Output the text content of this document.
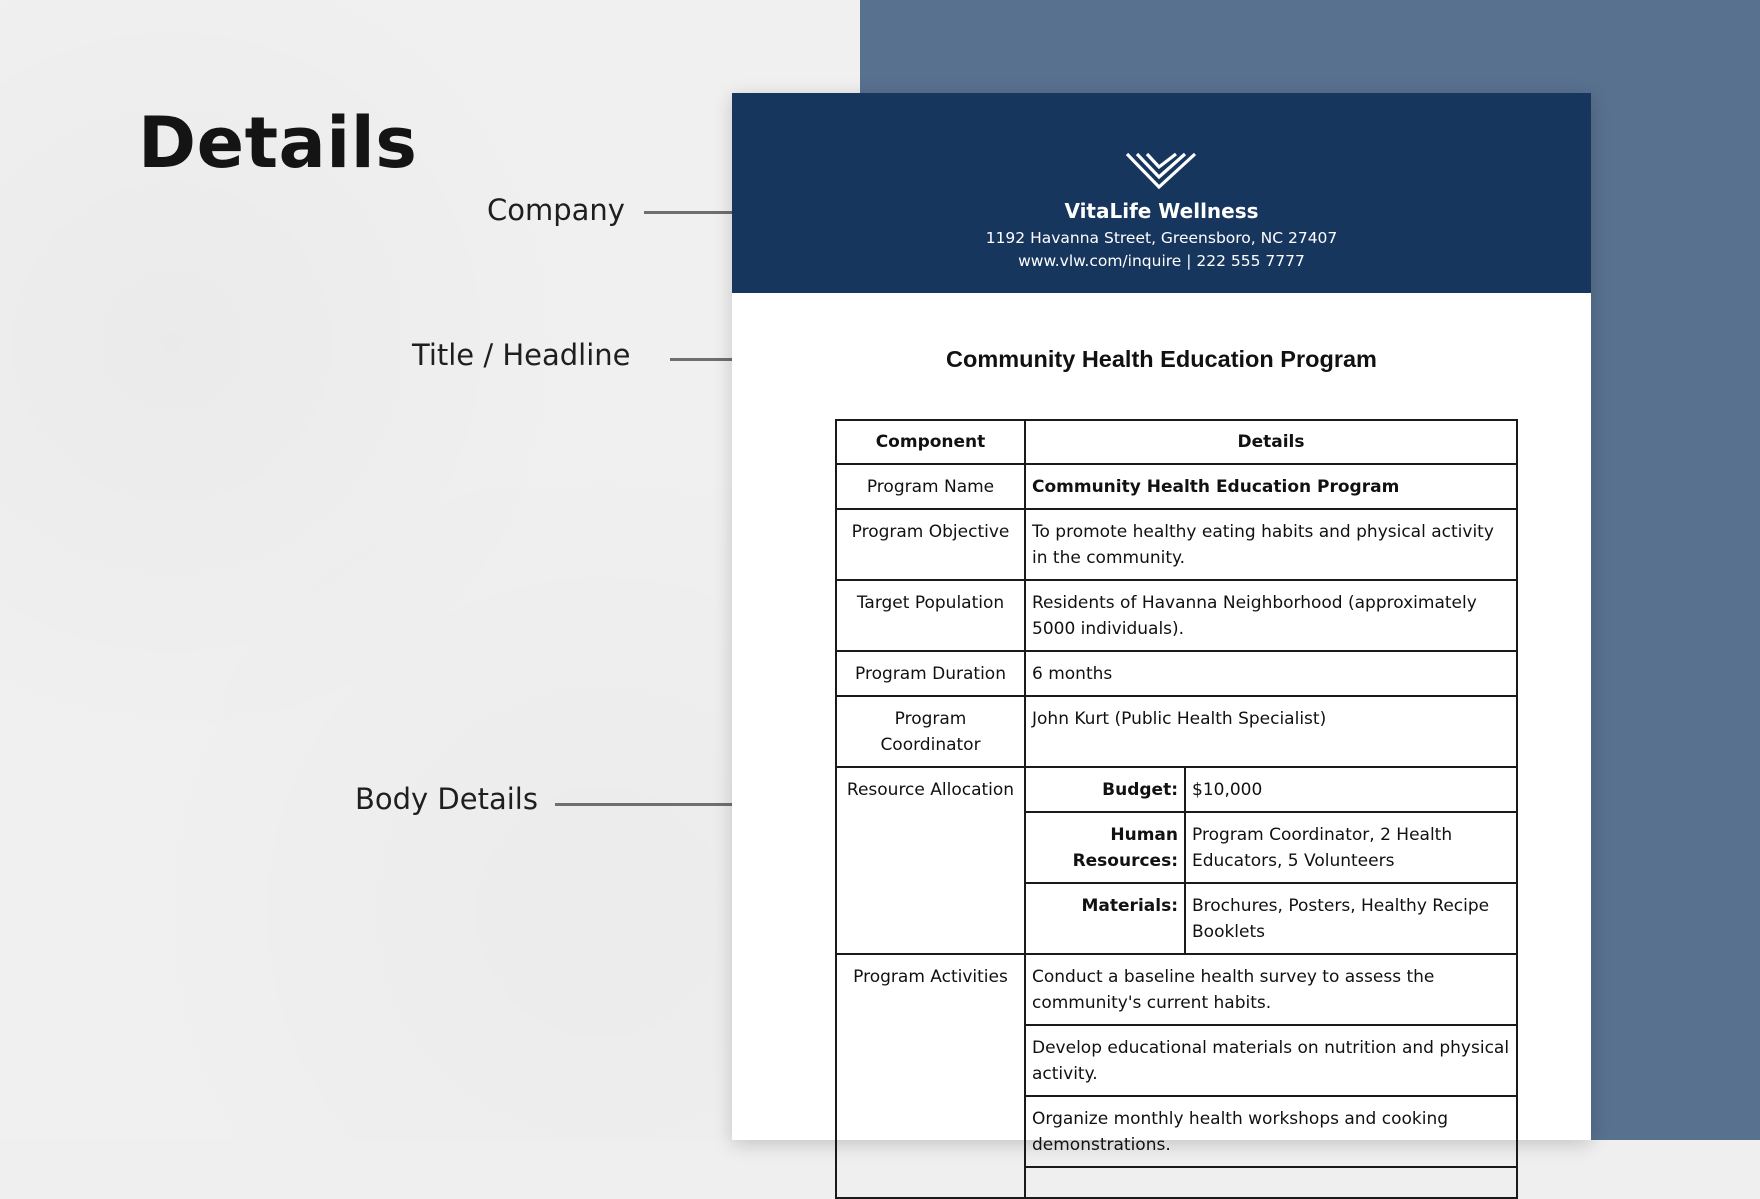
Details
Company
Title / Headline
Body Details
VitaLife Wellness
1192 Havanna Street, Greensboro, NC 27407
www.vlw.com/inquire | 222 555 7777
Community Health Education Program
Component	Details	
Program Name	Community Health Education Program	
Program Objective	To promote healthy eating habits and physical activity in the community.	
Target Population	Residents of Havanna Neighborhood (approximately 5000 individuals).	
Program Duration	6 months	
Program Coordinator	John Kurt (Public Health Specialist)	
Resource Allocation	Budget:	$10,000
	Human Resources:	Program Coordinator, 2 Health Educators, 5 Volunteers
	Materials:	Brochures, Posters, Healthy Recipe Booklets
Program Activities	Conduct a baseline health survey to assess the community's current habits.	
	Develop educational materials on nutrition and physical activity.	
	Organize monthly health workshops and cooking demonstrations.	
